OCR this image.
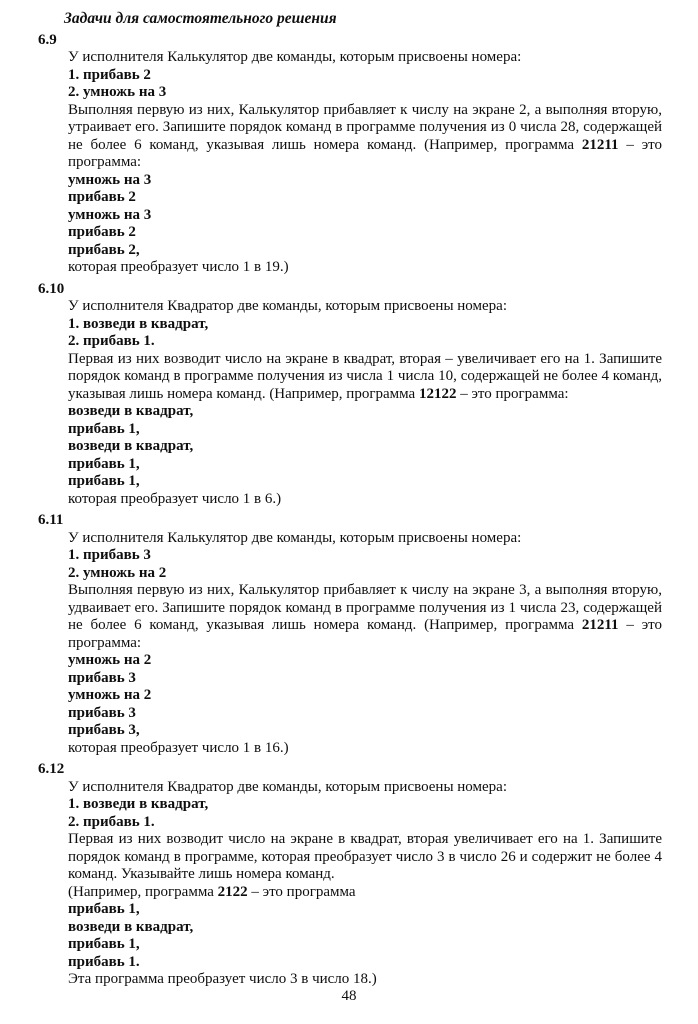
Задачи для самостоятельного решения

6.9
У исполнителя Калькулятор две команды, которым присвоены номера:
1. прибавь 2
2. умножь на 3

Выполняя первую из них, Калькулятор прибавляет к числу на экране 2, а выполняя вторую, утраивает его. Запишите порядок команд в программе получения из 0 числа 28, содержащей не более 6 команд, указывая лишь номера команд. (Например, программа 21211 – это программа:

умножь на 3
прибавь 2
умножь на 3
прибавь 2
прибавь 2,
которая преобразует число 1 в 19.)
6.10
У исполнителя Квадратор две команды, которым присвоены номера:
1. возведи в квадрат,
2. прибавь 1.

Первая из них возводит число на экране в квадрат, вторая – увеличивает его на 1. Запишите порядок команд в программе получения из числа 1 числа 10, содержащей не более 4 команд, указывая лишь номера команд. (Например, программа 12122 – это программа:

возведи в квадрат,
прибавь 1,
возведи в квадрат,
прибавь 1,
прибавь 1,
которая преобразует число 1 в 6.)
6.11
У исполнителя Калькулятор две команды, которым присвоены номера:
1. прибавь 3
2. умножь на 2

Выполняя первую из них, Калькулятор прибавляет к числу на экране 3, а выполняя вторую, удваивает его. Запишите порядок команд в программе получения из 1 числа 23, содержащей не более 6 команд, указывая лишь номера команд. (Например, программа 21211 – это программа:

умножь на 2
прибавь 3
умножь на 2
прибавь 3
прибавь 3,
которая преобразует число 1 в 16.)
6.12
У исполнителя Квадратор две команды, которым присвоены номера:
1. возведи в квадрат,
2. прибавь 1.

Первая из них возводит число на экране в квадрат, вторая увеличивает его на 1. Запишите порядок команд в программе, которая преобразует число 3 в число 26 и содержит не более 4 команд. Указывайте лишь номера команд.

(Например, программа 2122 – это программа

прибавь 1,
возведи в квадрат,
прибавь 1,
прибавь 1.
Эта программа преобразует число 3 в число 18.)
48
